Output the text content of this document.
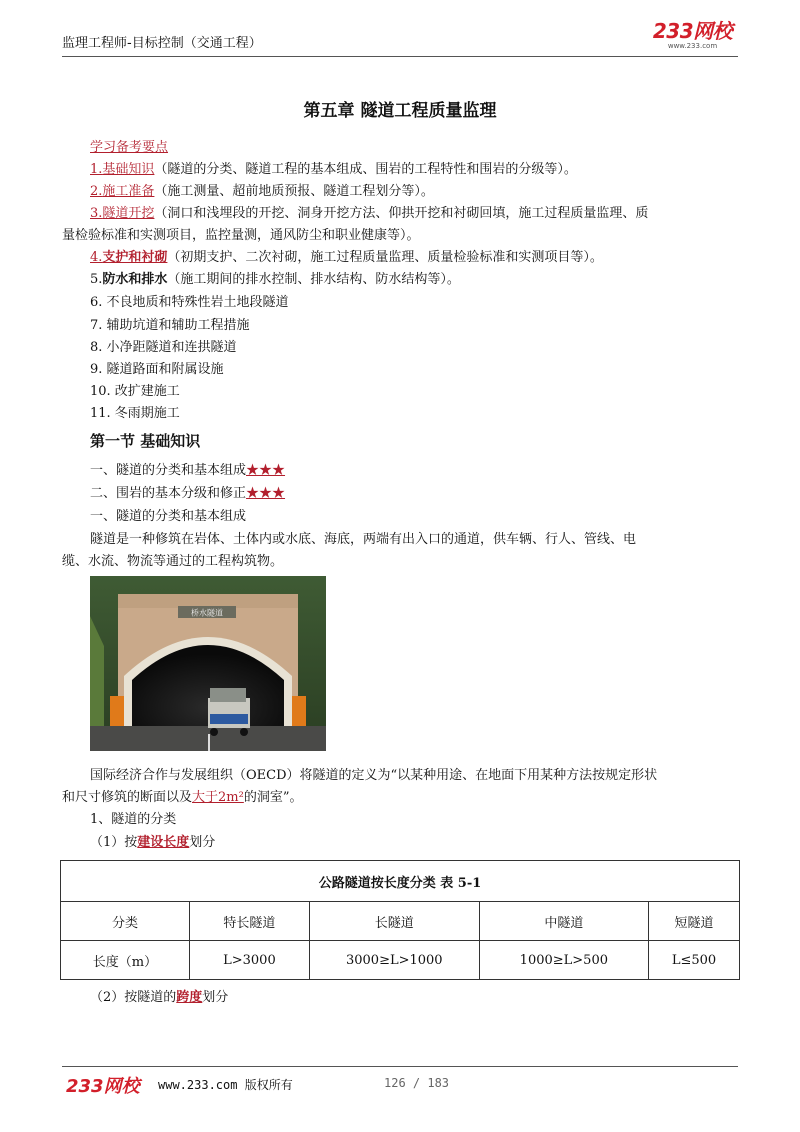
监理工程师-目标控制（交通工程）
233网校
www.233.com
第五章 隧道工程质量监理
学习备考要点
1.基础知识（隧道的分类、隧道工程的基本组成、围岩的工程特性和围岩的分级等）。
2.施工准备（施工测量、超前地质预报、隧道工程划分等）。
3.隧道开挖（洞口和浅埋段的开挖、洞身开挖方法、仰拱开挖和衬砌回填，施工过程质量监理、质
量检验标准和实测项目，监控量测，通风防尘和职业健康等）。
4.支护和衬砌（初期支护、二次衬砌，施工过程质量监理、质量检验标准和实测项目等）。
5.防水和排水（施工期间的排水控制、排水结构、防水结构等）。
6. 不良地质和特殊性岩土地段隧道
7. 辅助坑道和辅助工程措施
8. 小净距隧道和连拱隧道
9. 隧道路面和附属设施
10. 改扩建施工
11. 冬雨期施工
第一节 基础知识
一、隧道的分类和基本组成★★★
二、围岩的基本分级和修正★★★
一、隧道的分类和基本组成
隧道是一种修筑在岩体、土体内或水底、海底，两端有出入口的通道，供车辆、行人、管线、电
缆、水流、物流等通过的工程构筑物。
桥水隧道
国际经济合作与发展组织（OECD）将隧道的定义为“以某种用途、在地面下用某种方法按规定形状
和尺寸修筑的断面以及大于2m²的洞室”。
1、隧道的分类
（1）按建设长度划分
公路隧道按长度分类 表 5-1				
分类	特长隧道	长隧道	中隧道	短隧道
长度（m）	L>3000	3000≥L>1000	1000≥L>500	L≤500
（2）按隧道的跨度划分
233网校 www.233.com 版权所有	126 / 183
